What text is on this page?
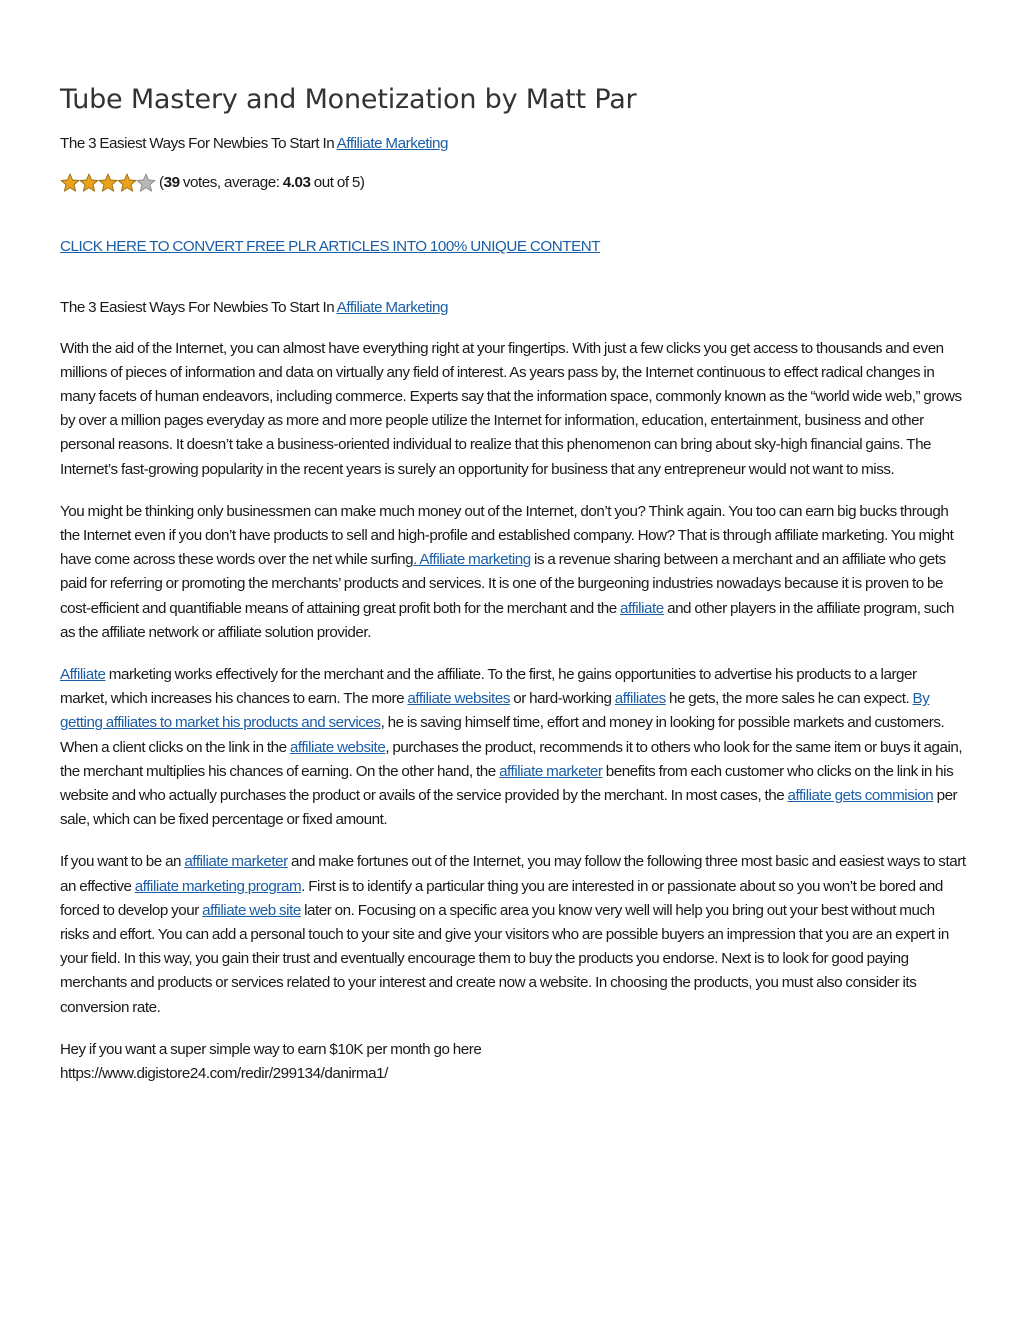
Tube Mastery and Monetization by Matt Par

The 3 Easiest Ways For Newbies To Start In Affiliate Marketing

(39 votes, average: 4.03 out of 5)

CLICK HERE TO CONVERT FREE PLR ARTICLES INTO 100% UNIQUE CONTENT

The 3 Easiest Ways For Newbies To Start In Affiliate Marketing

With the aid of the Internet, you can almost have everything right at your fingertips. With just a few clicks you get access to thousands and even millions of pieces of information and data on virtually any field of interest. As years pass by, the Internet continuous to effect radical changes in many facets of human endeavors, including commerce. Experts say that the information space, commonly known as the “world wide web,” grows by over a million pages everyday as more and more people utilize the Internet for information, education, entertainment, business and other personal reasons. It doesn’t take a business-oriented individual to realize that this phenomenon can bring about sky-high financial gains. The Internet’s fast-growing popularity in the recent years is surely an opportunity for business that any entrepreneur would not want to miss.

You might be thinking only businessmen can make much money out of the Internet, don’t you? Think again. You too can earn big bucks through the Internet even if you don’t have products to sell and high-profile and established company. How? That is through affiliate marketing. You might have come across these words over the net while surfing. Affiliate marketing is a revenue sharing between a merchant and an affiliate who gets paid for referring or promoting the merchants’ products and services. It is one of the burgeoning industries nowadays because it is proven to be cost-efficient and quantifiable means of attaining great profit both for the merchant and the affiliate and other players in the affiliate program, such as the affiliate network or affiliate solution provider.

Affiliate marketing works effectively for the merchant and the affiliate. To the first, he gains opportunities to advertise his products to a larger market, which increases his chances to earn. The more affiliate websites or hard-working affiliates he gets, the more sales he can expect. By getting affiliates to market his products and services, he is saving himself time, effort and money in looking for possible markets and customers. When a client clicks on the link in the affiliate website, purchases the product, recommends it to others who look for the same item or buys it again, the merchant multiplies his chances of earning. On the other hand, the affiliate marketer benefits from each customer who clicks on the link in his website and who actually purchases the product or avails of the service provided by the merchant. In most cases, the affiliate gets commision per sale, which can be fixed percentage or fixed amount.

If you want to be an affiliate marketer and make fortunes out of the Internet, you may follow the following three most basic and easiest ways to start an effective affiliate marketing program. First is to identify a particular thing you are interested in or passionate about so you won’t be bored and forced to develop your affiliate web site later on. Focusing on a specific area you know very well will help you bring out your best without much risks and effort. You can add a personal touch to your site and give your visitors who are possible buyers an impression that you are an expert in your field. In this way, you gain their trust and eventually encourage them to buy the products you endorse. Next is to look for good paying merchants and products or services related to your interest and create now a website. In choosing the products, you must also consider its conversion rate.

Hey if you want a super simple way to earn $10K per month go here
https://www.digistore24.com/redir/299134/danirma1/
